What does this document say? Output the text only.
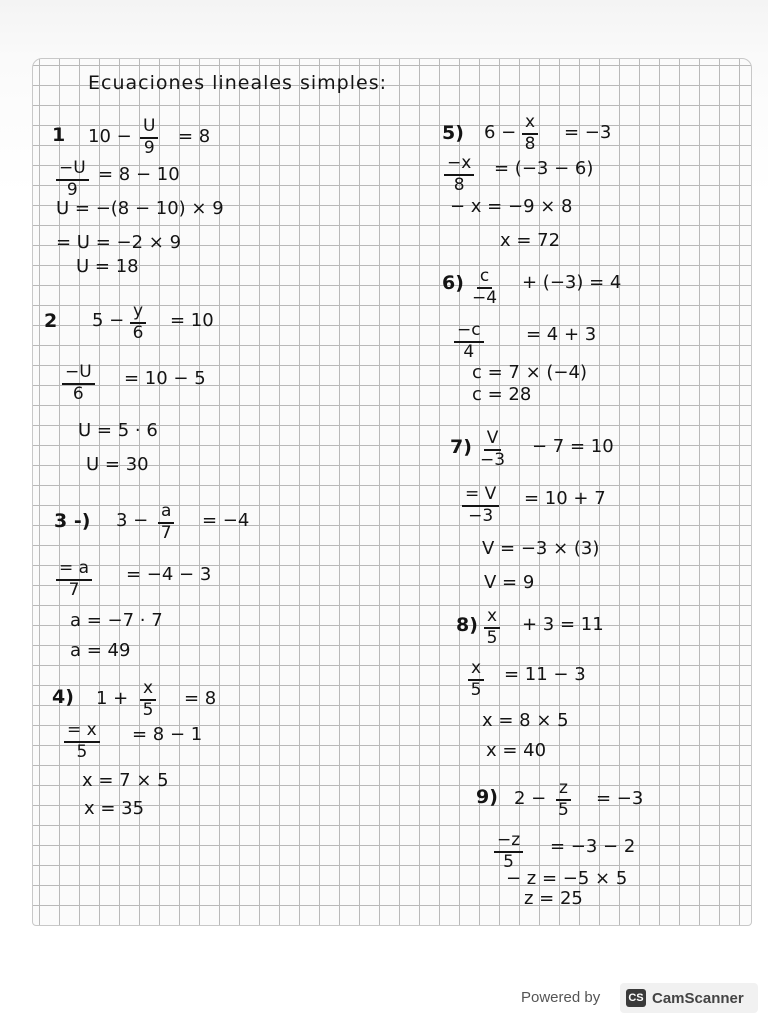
Ecuaciones lineales simples:
1 $10 - \frac{U}{9} = 8$
$\frac{-U}{9} = 8 - 10$
U = −(8 − 10) × 9
= U = −2 × 9
U = 18
2 $5 - \frac{y}{6} = 10$
$\frac{-U}{6} = 10 - 5$
U = 5 · 6
U = 30
3 -) $3 - \frac{a}{7} = -4$
$\frac{= a}{7} = -4 - 3$
a = −7 · 7
a = 49
4) $1 + \frac{x}{5} = 8$
$\frac{= x}{5} = 8 - 1$
x = 7 × 5
x = 35
5) $6 - \frac{x}{8} = -3$
$\frac{-x}{8} = (-3 - 6)$
− x = −9 × 8
x = 72
$6) \frac{c}{-4} + (-3) = 4$
$\frac{-c}{4} = 4 + 3$
c = 7 × (−4)
c = 28
$7) \frac{V}{-3} - 7 = 10$
$\frac{= V}{-3} = 10 + 7$
V = −3 × (3)
V = 9
$8) \frac{x}{5} + 3 = 11$
$\frac{x}{5} = 11 - 3$
x = 8 × 5
x = 40
9) $2 - \frac{z}{5} = -3$
$\frac{-z}{5} = -3 - 2$
− z = −5 × 5
z = 25
Powered by	CS CamScanner
